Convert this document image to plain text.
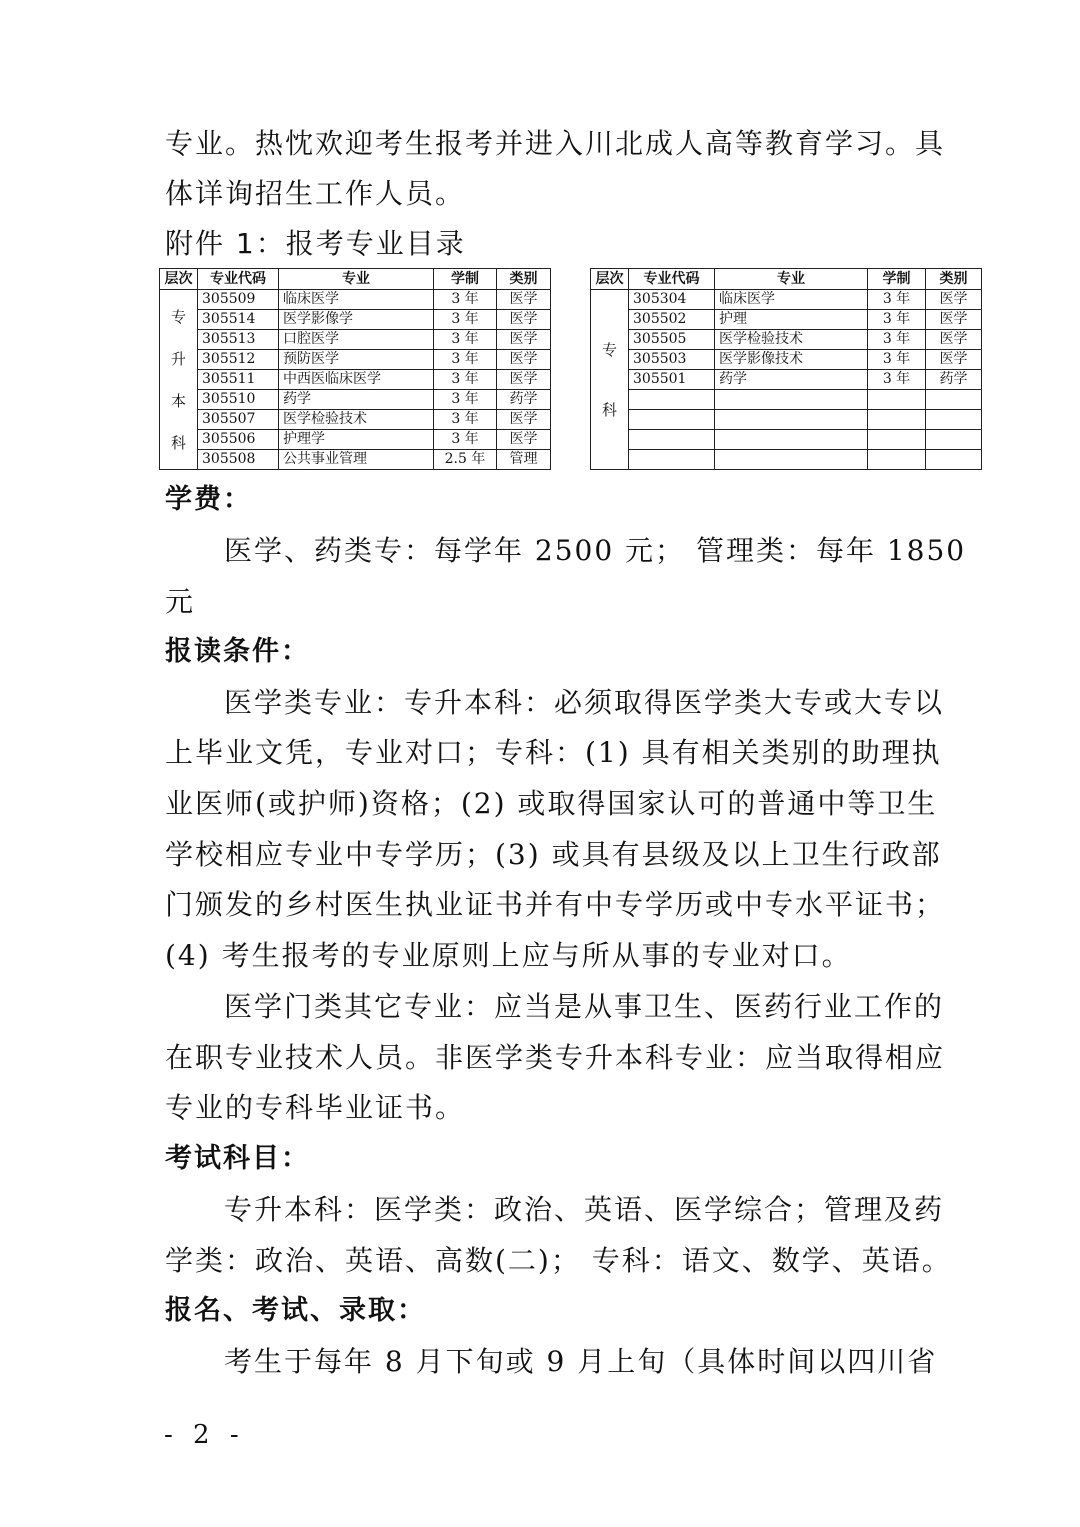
专业。热忱欢迎考生报考并进入川北成人高等教育学习。具
体详询招生工作人员。
附件 1：报考专业目录
层次	专业代码	专业	学制	类别

专
升
本
科	305509	临床医学	3 年	医学
	305514	医学影像学	3 年	医学
	305513	口腔医学	3 年	医学
	305512	预防医学	3 年	医学
	305511	中西医临床医学	3 年	医学
	305510	药学	3 年	药学
	305507	医学检验技术	3 年	医学
	305506	护理学	3 年	医学
	305508	公共事业管理	2.5 年	管理
层次	专业代码	专业	学制	类别

专
科	305304	临床医学	3 年	医学
	305502	护理	3 年	医学
	305505	医学检验技术	3 年	医学
	305503	医学影像技术	3 年	医学
	305501	药学	3 年	药学

学费：
医学、药类专：每学年 2500 元； 管理类：每年 1850
元
报读条件：
医学类专业：专升本科：必须取得医学类大专或大专以
上毕业文凭，专业对口；专科：(1) 具有相关类别的助理执
业医师(或护师)资格；(2) 或取得国家认可的普通中等卫生
学校相应专业中专学历；(3) 或具有县级及以上卫生行政部
门颁发的乡村医生执业证书并有中专学历或中专水平证书；
(4) 考生报考的专业原则上应与所从事的专业对口。
医学门类其它专业：应当是从事卫生、医药行业工作的
在职专业技术人员。非医学类专升本科专业：应当取得相应
专业的专科毕业证书。
考试科目：
专升本科：医学类：政治、英语、医学综合；管理及药
学类：政治、英语、高数(二)； 专科：语文、数学、英语。
报名、考试、录取：
考生于每年 8 月下旬或 9 月上旬（具体时间以四川省
- 2 -
